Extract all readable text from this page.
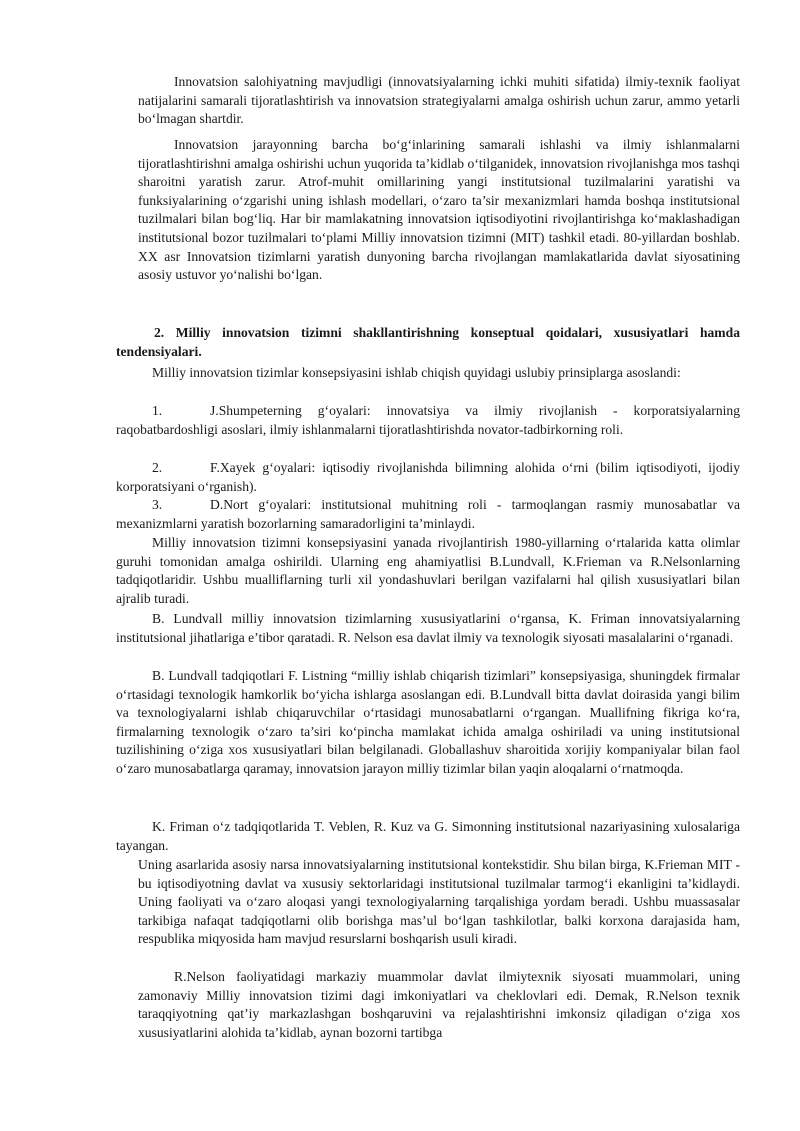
Innovatsion salohiyatning mavjudligi (innovatsiyalarning ichki muhiti sifatida) ilmiy-texnik faoliyat natijalarini samarali tijoratlashtirish va innovatsion strategiyalarni amalga oshirish uchun zarur, ammo yetarli bo‘lmagan shartdir.

Innovatsion jarayonning barcha bo‘g‘inlarining samarali ishlashi va ilmiy ishlanmalarni tijoratlashtirishni amalga oshirishi uchun yuqorida ta’kidlab o‘tilganidek, innovatsion rivojlanishga mos tashqi sharoitni yaratish zarur. Atrof-muhit omillarining yangi institutsional tuzilmalarini yaratishi va funksiyalarining o‘zgarishi uning ishlash modellari, o‘zaro ta’sir mexanizmlari hamda boshqa institutsional tuzilmalari bilan bog‘liq. Har bir mamlakatning innovatsion iqtisodiyotini rivojlantirishga ko‘maklashadigan institutsional bozor tuzilmalari to‘plami Milliy innovatsion tizimni (MIT) tashkil etadi. 80-yillardan boshlab. XX asr Innovatsion tizimlarni yaratish dunyoning barcha rivojlangan mamlakatlarida davlat siyosatining asosiy ustuvor yo‘nalishi bo‘lgan.

2. Milliy innovatsion tizimni shakllantirishning konseptual qoidalari, xususiyatlari hamda tendensiyalari.

Milliy innovatsion tizimlar konsepsiyasini ishlab chiqish quyidagi uslubiy prinsiplarga asoslandi:

1.	J.Shumpeterning g‘oyalari: innovatsiya va ilmiy rivojlanish - korporatsiyalarning raqobatbardoshligi asoslari, ilmiy ishlanmalarni tijoratlashtirishda novator-tadbirkorning roli.

2.	F.Xayek g‘oyalari: iqtisodiy rivojlanishda bilimning alohida o‘rni (bilim iqtisodiyoti, ijodiy korporatsiyani o‘rganish).

3.	D.Nort g‘oyalari: institutsional muhitning roli - tarmoqlangan rasmiy munosabatlar va mexanizmlarni yaratish bozorlarning samaradorligini ta’minlaydi.

Milliy innovatsion tizimni konsepsiyasini yanada rivojlantirish 1980-yillarning o‘rtalarida katta olimlar guruhi tomonidan amalga oshirildi. Ularning eng ahamiyatlisi B.Lundvall, K.Frieman va R.Nelsonlarning tadqiqotlaridir. Ushbu mualliflarning turli xil yondashuvlari berilgan vazifalarni hal qilish xususiyatlari bilan ajralib turadi.

B. Lundvall milliy innovatsion tizimlarning xususiyatlarini o‘rgansa, K. Friman innovatsiyalarning institutsional jihatlariga e’tibor qaratadi. R. Nelson esa davlat ilmiy va texnologik siyosati masalalarini o‘rganadi.

B. Lundvall tadqiqotlari F. Listning “milliy ishlab chiqarish tizimlari” konsepsiyasiga, shuningdek firmalar o‘rtasidagi texnologik hamkorlik bo‘yicha ishlarga asoslangan edi. B.Lundvall bitta davlat doirasida yangi bilim va texnologiyalarni ishlab chiqaruvchilar o‘rtasidagi munosabatlarni o‘rgangan. Muallifning fikriga ko‘ra, firmalarning texnologik o‘zaro ta’siri ko‘pincha mamlakat ichida amalga oshiriladi va uning institutsional tuzilishining o‘ziga xos xususiyatlari bilan belgilanadi. Globallashuv sharoitida xorijiy kompaniyalar bilan faol o‘zaro munosabatlarga qaramay, innovatsion jarayon milliy tizimlar bilan yaqin aloqalarni o‘rnatmoqda.

K. Friman o‘z tadqiqotlarida T. Veblen, R. Kuz va G. Simonning institutsional nazariyasining xulosalariga tayangan.

Uning asarlarida asosiy narsa innovatsiyalarning institutsional kontekstidir. Shu bilan birga, K.Frieman MIT - bu iqtisodiyotning davlat va xususiy sektorlaridagi institutsional tuzilmalar tarmog‘i ekanligini ta’kidlaydi. Uning faoliyati va o‘zaro aloqasi yangi texnologiyalarning tarqalishiga yordam beradi. Ushbu muassasalar tarkibiga nafaqat tadqiqotlarni olib borishga mas’ul bo‘lgan tashkilotlar, balki korxona darajasida ham, respublika miqyosida ham mavjud resurslarni boshqarish usuli kiradi.

R.Nelson faoliyatidagi markaziy muammolar davlat ilmiytexnik siyosati muammolari, uning zamonaviy Milliy innovatsion tizimi dagi imkoniyatlari va cheklovlari edi. Demak, R.Nelson texnik taraqqiyotning qat’iy markazlashgan boshqaruvini va rejalashtirishni imkonsiz qiladigan o‘ziga xos xususiyatlarini alohida ta’kidlab, aynan bozorni tartibga
